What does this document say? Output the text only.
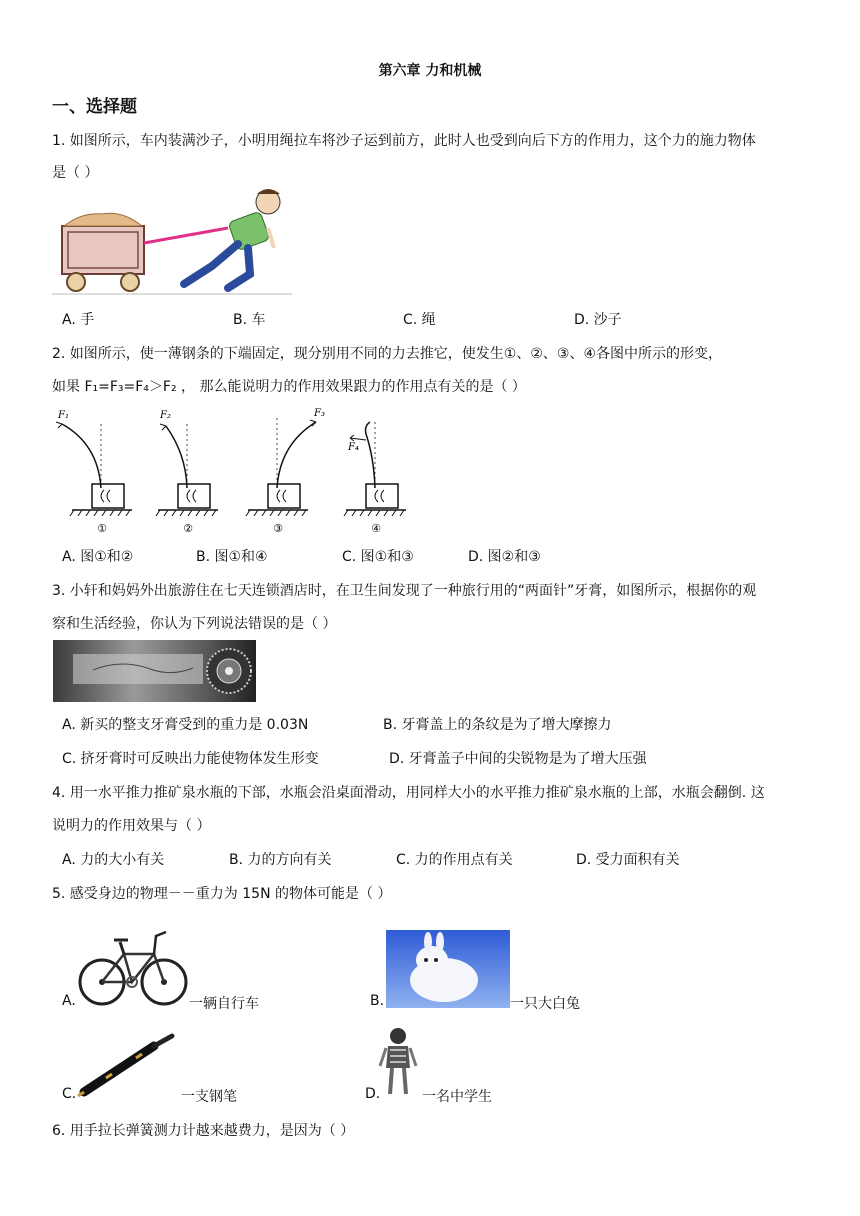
第六章 力和机械
一、选择题
1. 如图所示，车内装满沙子，小明用绳拉车将沙子运到前方，此时人也受到向后下方的作用力，这个力的施力物体
是（ ）
A. 手	B. 车	C. 绳	D. 沙子
2. 如图所示，使一薄钢条的下端固定，现分别用不同的力去推它，使发生①、②、③、④各图中所示的形变，
如果 F₁=F₃=F₄＞F₂ ， 那么能说明力的作用效果跟力的作用点有关的是（ ）
F₁
①
F₂
②
F₃
③
F₄
④
A. 图①和②	B. 图①和④	C. 图①和③	D. 图②和③
3. 小轩和妈妈外出旅游住在七天连锁酒店时，在卫生间发现了一种旅行用的“两面针”牙膏，如图所示，根据你的观
察和生活经验，你认为下列说法错误的是（ ）
A. 新买的整支牙膏受到的重力是 0.03N	B. 牙膏盖上的条纹是为了增大摩擦力
C. 挤牙膏时可反映出力能使物体发生形变	D. 牙膏盖子中间的尖锐物是为了增大压强
4. 用一水平推力推矿泉水瓶的下部，水瓶会沿桌面滑动，用同样大小的水平推力推矿泉水瓶的上部，水瓶会翻倒. 这
说明力的作用效果与（ ）
A. 力的大小有关	B. 力的方向有关	C. 力的作用点有关	D. 受力面积有关
5. 感受身边的物理－－重力为 15N 的物体可能是（ ）
A.	一辆自行车	B.	一只大白兔
C.	一支钢笔	D.	一名中学生
6. 用手拉长弹簧测力计越来越费力，是因为（ ）
